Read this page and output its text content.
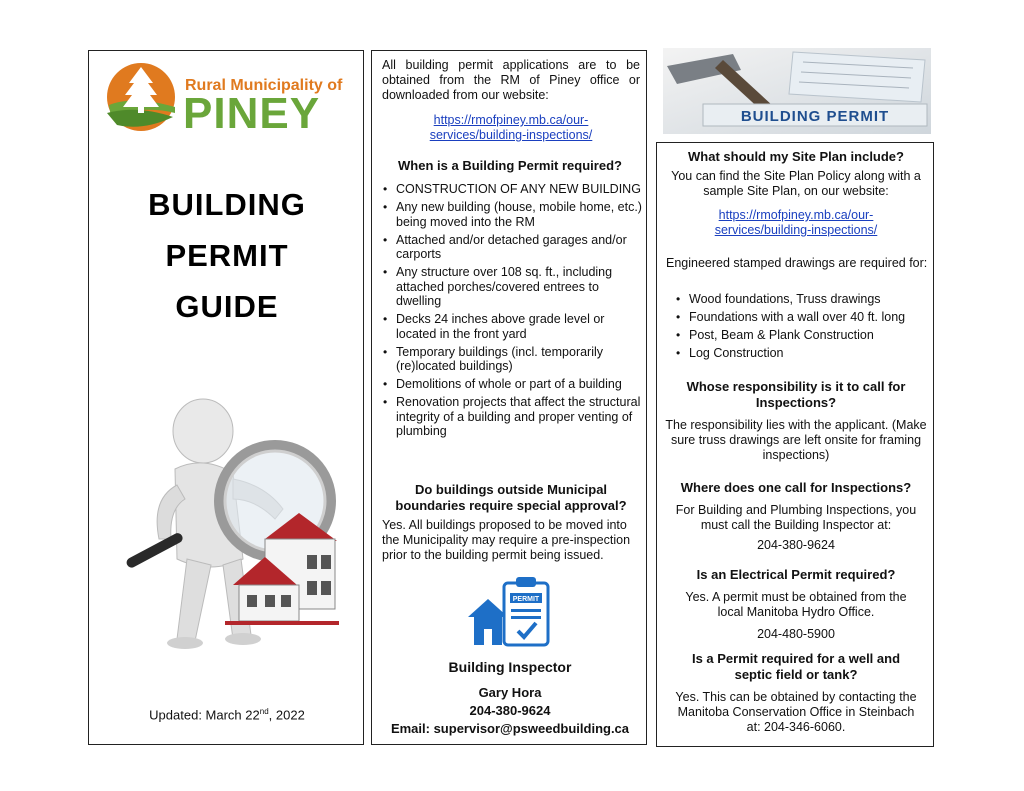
Rural Municipality of
PINEY
BUILDING
PERMIT
GUIDE
Updated: March 22nd, 2022
All building permit applications are to be obtained from the RM of Piney office or downloaded from our website:
https://rmofpiney.mb.ca/our-
services/building-inspections/
When is a Building Permit required?
• CONSTRUCTION OF ANY NEW BUILDING
• Any new building (house, mobile home, etc.) being moved into the RM
• Attached and/or detached garages and/or carports
• Any structure over 108 sq. ft., including attached porches/covered entrees to dwelling
• Decks 24 inches above grade level or located in the front yard
• Temporary buildings (incl. temporarily (re)located buildings)
• Demolitions of whole or part of a building
• Renovation projects that affect the structural integrity of a building and proper venting of plumbing
Do buildings outside Municipal boundaries require special approval?
Yes. All buildings proposed to be moved into the Municipality may require a pre-inspection prior to the building permit being issued.
PERMIT
Building Inspector
Gary Hora
204-380-9624
Email: supervisor@psweedbuilding.ca
BUILDING PERMIT
What should my Site Plan include?
You can find the Site Plan Policy along with a sample Site Plan, on our website:
https://rmofpiney.mb.ca/our-
services/building-inspections/
Engineered stamped drawings are required for:
• Wood foundations, Truss drawings
• Foundations with a wall over 40 ft. long
• Post, Beam & Plank Construction
• Log Construction
Whose responsibility is it to call for Inspections?
The responsibility lies with the applicant. (Make sure truss drawings are left onsite for framing inspections)
Where does one call for Inspections?
For Building and Plumbing Inspections, you must call the Building Inspector at:
204-380-9624
Is an Electrical Permit required?
Yes. A permit must be obtained from the local Manitoba Hydro Office.
204-480-5900
Is a Permit required for a well and septic field or tank?
Yes. This can be obtained by contacting the Manitoba Conservation Office in Steinbach at: 204-346-6060.
